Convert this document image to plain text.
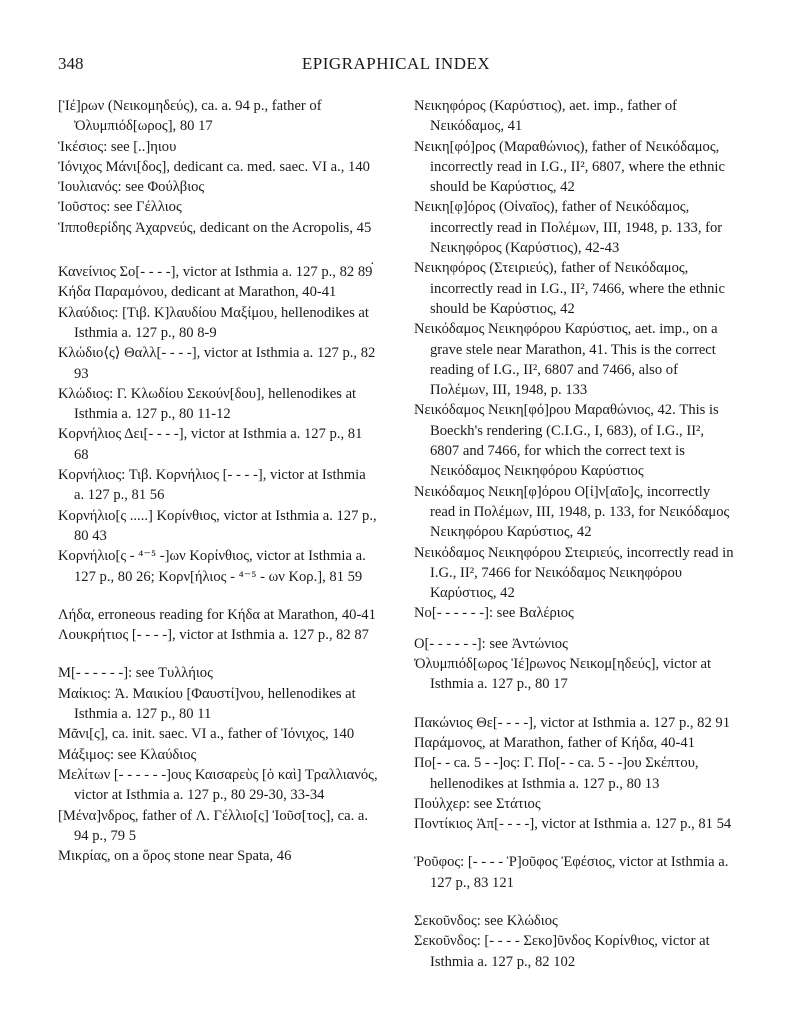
348	EPIGRAPHICAL INDEX

[Ἱέ]ρων (Νεικομηδεύς), ca. a. 94 p., father of Ὀλυμπιόδ[ωρος], 80 17

Ἱκέσιος: see [..]ηιου

Ἰόνιχος Μάνι[δος], dedicant ca. med. saec. VI a., 140

Ἰουλιανός: see Φούλβιος

Ἰοῦστος: see Γέλλιος

Ἱπποθερίδης Ἀχαρνεύς, dedicant on the Acropolis, 45

Κανείνιος Σο[- - - -], victor at Isthmia a. 127 p., 82 89

Κήδα Παραμόνου, dedicant at Marathon, 40-41

Κλαύδιος: [Τιβ. Κ]λαυδίου Μαξίμου, hellenodikes at Isthmia a. 127 p., 80 8-9

Κλώδιο⟨ς⟩ Θαλλ[- - - -], victor at Isthmia a. 127 p., 82 93

Κλώδιος: Γ. Κλωδίου Σεκούν[δου], hellenodikes at Isthmia a. 127 p., 80 11-12

Κορνήλιος Δει[- - - -], victor at Isthmia a. 127 p., 81 68

Κορνήλιος: Τιβ. Κορνήλιος [- - - -], victor at Isthmia a. 127 p., 81 56

Κορνήλιο[ς .....] Κορίνθιος, victor at Isthmia a. 127 p., 80 43

Κορνήλιο[ς - ⁴⁻⁵ -]ων Κορίνθιος, victor at Isthmia a. 127 p., 80 26; Κορν[ήλιος - ⁴⁻⁵ - ων Κορ.], 81 59

Λήδα, erroneous reading for Κήδα at Marathon, 40-41

Λουκρήτιος [- - - -], victor at Isthmia a. 127 p., 82 87

Μ[- - - - - -]: see Τυλλήιος

Μαίκιος: Ἀ. Μαικίου [Φαυστί]νου, hellenodikes at Isthmia a. 127 p., 80 11

Μᾶνι[ς], ca. init. saec. VI a., father of Ἰόνιχος, 140

Μάξιμος: see Κλαύδιος

Μελίτων [- - - - - -]ους Καισαρεὺς [ὁ καὶ] Τραλλιανός, victor at Isthmia a. 127 p., 80 29-30, 33-34

[Μένα]νδρος, father of Λ. Γέλλιο[ς] Ἰοῦσ[τος], ca. a. 94 p., 79 5

Μικρίας, on a ὅρος stone near Spata, 46

·

Νεικηφόρος (Καρύστιος), aet. imp., father of Νεικόδαμος, 41

Νεικη[φό]ρος (Μαραθώνιος), father of Νεικόδαμος, incorrectly read in I.G., II², 6807, where the ethnic should be Καρύστιος, 42

Νεικη[φ]όρος (Οἰναῖος), father of Νεικόδαμος, incorrectly read in Πολέμων, III, 1948, p. 133, for Νεικηφόρος (Καρύστιος), 42-43

Νεικηφόρος (Στειριεύς), father of Νεικόδαμος, incorrectly read in I.G., II², 7466, where the ethnic should be Καρύστιος, 42

Νεικόδαμος Νεικηφόρου Καρύστιος, aet. imp., on a grave stele near Marathon, 41. This is the correct reading of I.G., II², 6807 and 7466, also of Πολέμων, III, 1948, p. 133

Νεικόδαμος Νεικη[φό]ρου Μαραθώνιος, 42. This is Boeckh's rendering (C.I.G., I, 683), of I.G., II², 6807 and 7466, for which the correct text is Νεικόδαμος Νεικηφόρου Καρύστιος

Νεικόδαμος Νεικη[φ]όρου Ο[ἰ]ν[αῖο]ς, incorrectly read in Πολέμων, III, 1948, p. 133, for Νεικόδαμος Νεικηφόρου Καρύστιος, 42

Νεικόδαμος Νεικηφόρου Στειριεύς, incorrectly read in I.G., II², 7466 for Νεικόδαμος Νεικηφόρου Καρύστιος, 42

Νο[- - - - - -]: see Βαλέριος

Ο[- - - - - -]: see Ἀντώνιος

Ὀλυμπιόδ[ωρος Ἱέ]ρωνος Νεικομ[ηδεύς], victor at Isthmia a. 127 p., 80 17

Πακώνιος Θε[- - - -], victor at Isthmia a. 127 p., 82 91

Παράμονος, at Marathon, father of Κήδα, 40-41

Πο[- - ca. 5 - -]ος: Γ. Πο[- - ca. 5 - -]ου Σκέπτου, hellenodikes at Isthmia a. 127 p., 80 13

Πούλχερ: see Στάτιος

Ποντίκιος Ἀπ[- - - -], victor at Isthmia a. 127 p., 81 54

Ῥοῦφος: [- - - - Ῥ]οῦφος Ἐφέσιος, victor at Isthmia a. 127 p., 83 121

Σεκοῦνδος: see Κλώδιος

Σεκοῦνδος: [- - - - Σεκο]ῦνδος Κορίνθιος, victor at Isthmia a. 127 p., 82 102
